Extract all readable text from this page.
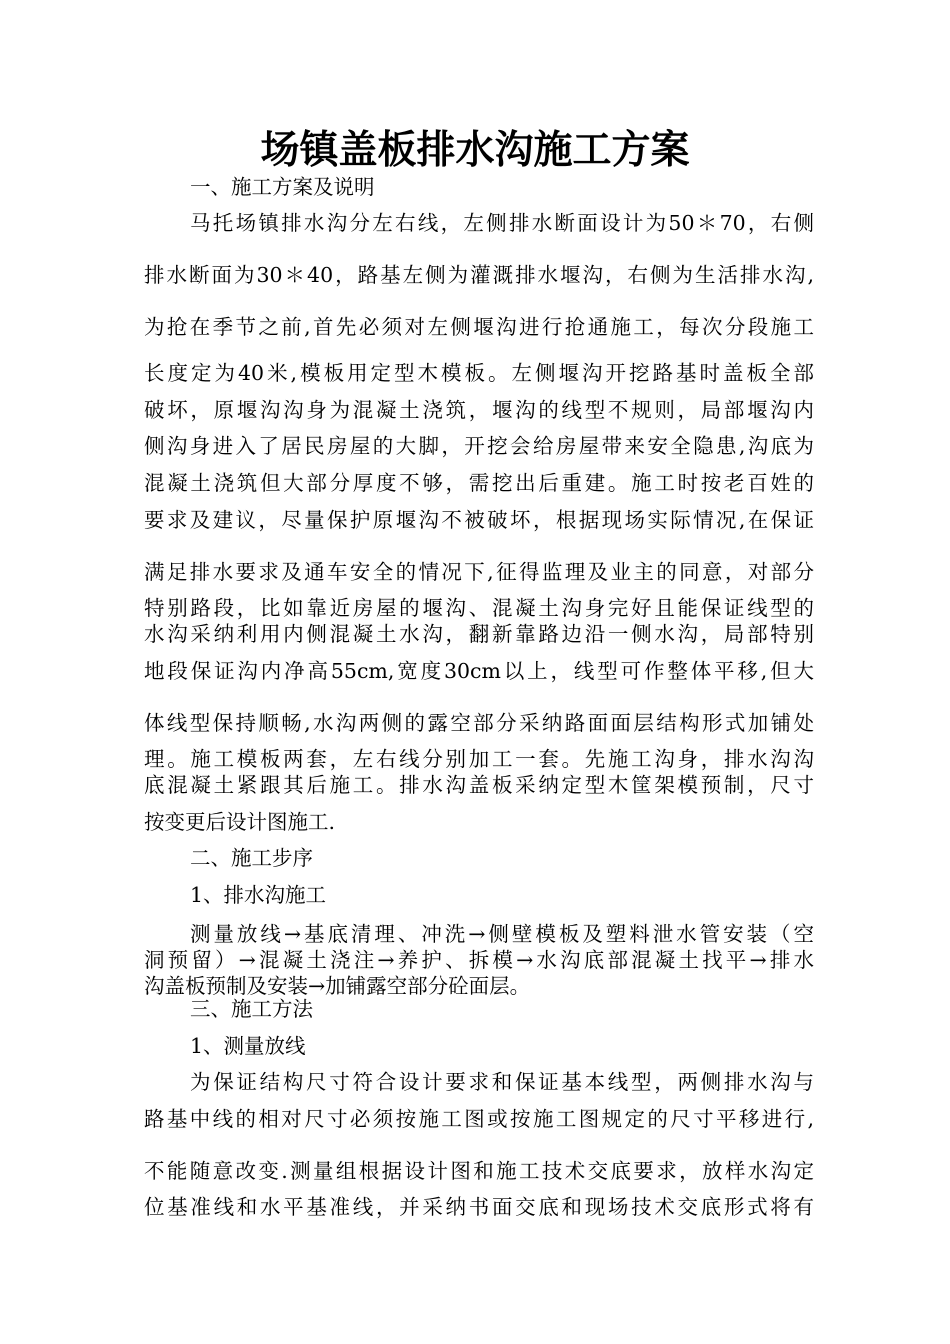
场镇盖板排水沟施工方案
一、施工方案及说明
马托场镇排水沟分左右线，左侧排水断面设计为50＊70，右侧
排水断面为30＊40，路基左侧为灌溉排水堰沟，右侧为生活排水沟,
为抢在季节之前,首先必须对左侧堰沟进行抢通施工，每次分段施工
长度定为40米,模板用定型木模板。左侧堰沟开挖路基时盖板全部
破坏，原堰沟沟身为混凝土浇筑，堰沟的线型不规则，局部堰沟内
侧沟身进入了居民房屋的大脚，开挖会给房屋带来安全隐患,沟底为
混凝土浇筑但大部分厚度不够，需挖出后重建。施工时按老百姓的
要求及建议，尽量保护原堰沟不被破坏，根据现场实际情况,在保证
满足排水要求及通车安全的情况下,征得监理及业主的同意，对部分
特别路段，比如靠近房屋的堰沟、混凝土沟身完好且能保证线型的
水沟采纳利用内侧混凝土水沟，翻新靠路边沿一侧水沟，局部特别
地段保证沟内净高55cm,宽度30cm以上，线型可作整体平移,但大
体线型保持顺畅,水沟两侧的露空部分采纳路面面层结构形式加铺处
理。施工模板两套，左右线分别加工一套。先施工沟身，排水沟沟
底混凝土紧跟其后施工。排水沟盖板采纳定型木筐架模预制，尺寸
按变更后设计图施工.
二、施工步序
1、排水沟施工
测量放线→基底清理、冲洗→侧壁模板及塑料泄水管安装（空
洞预留）→混凝土浇注→养护、拆模→水沟底部混凝土找平→排水
沟盖板预制及安装→加铺露空部分砼面层。
三、施工方法
1、测量放线
为保证结构尺寸符合设计要求和保证基本线型，两侧排水沟与
路基中线的相对尺寸必须按施工图或按施工图规定的尺寸平移进行,
不能随意改变.测量组根据设计图和施工技术交底要求，放样水沟定
位基准线和水平基准线，并采纳书面交底和现场技术交底形式将有
